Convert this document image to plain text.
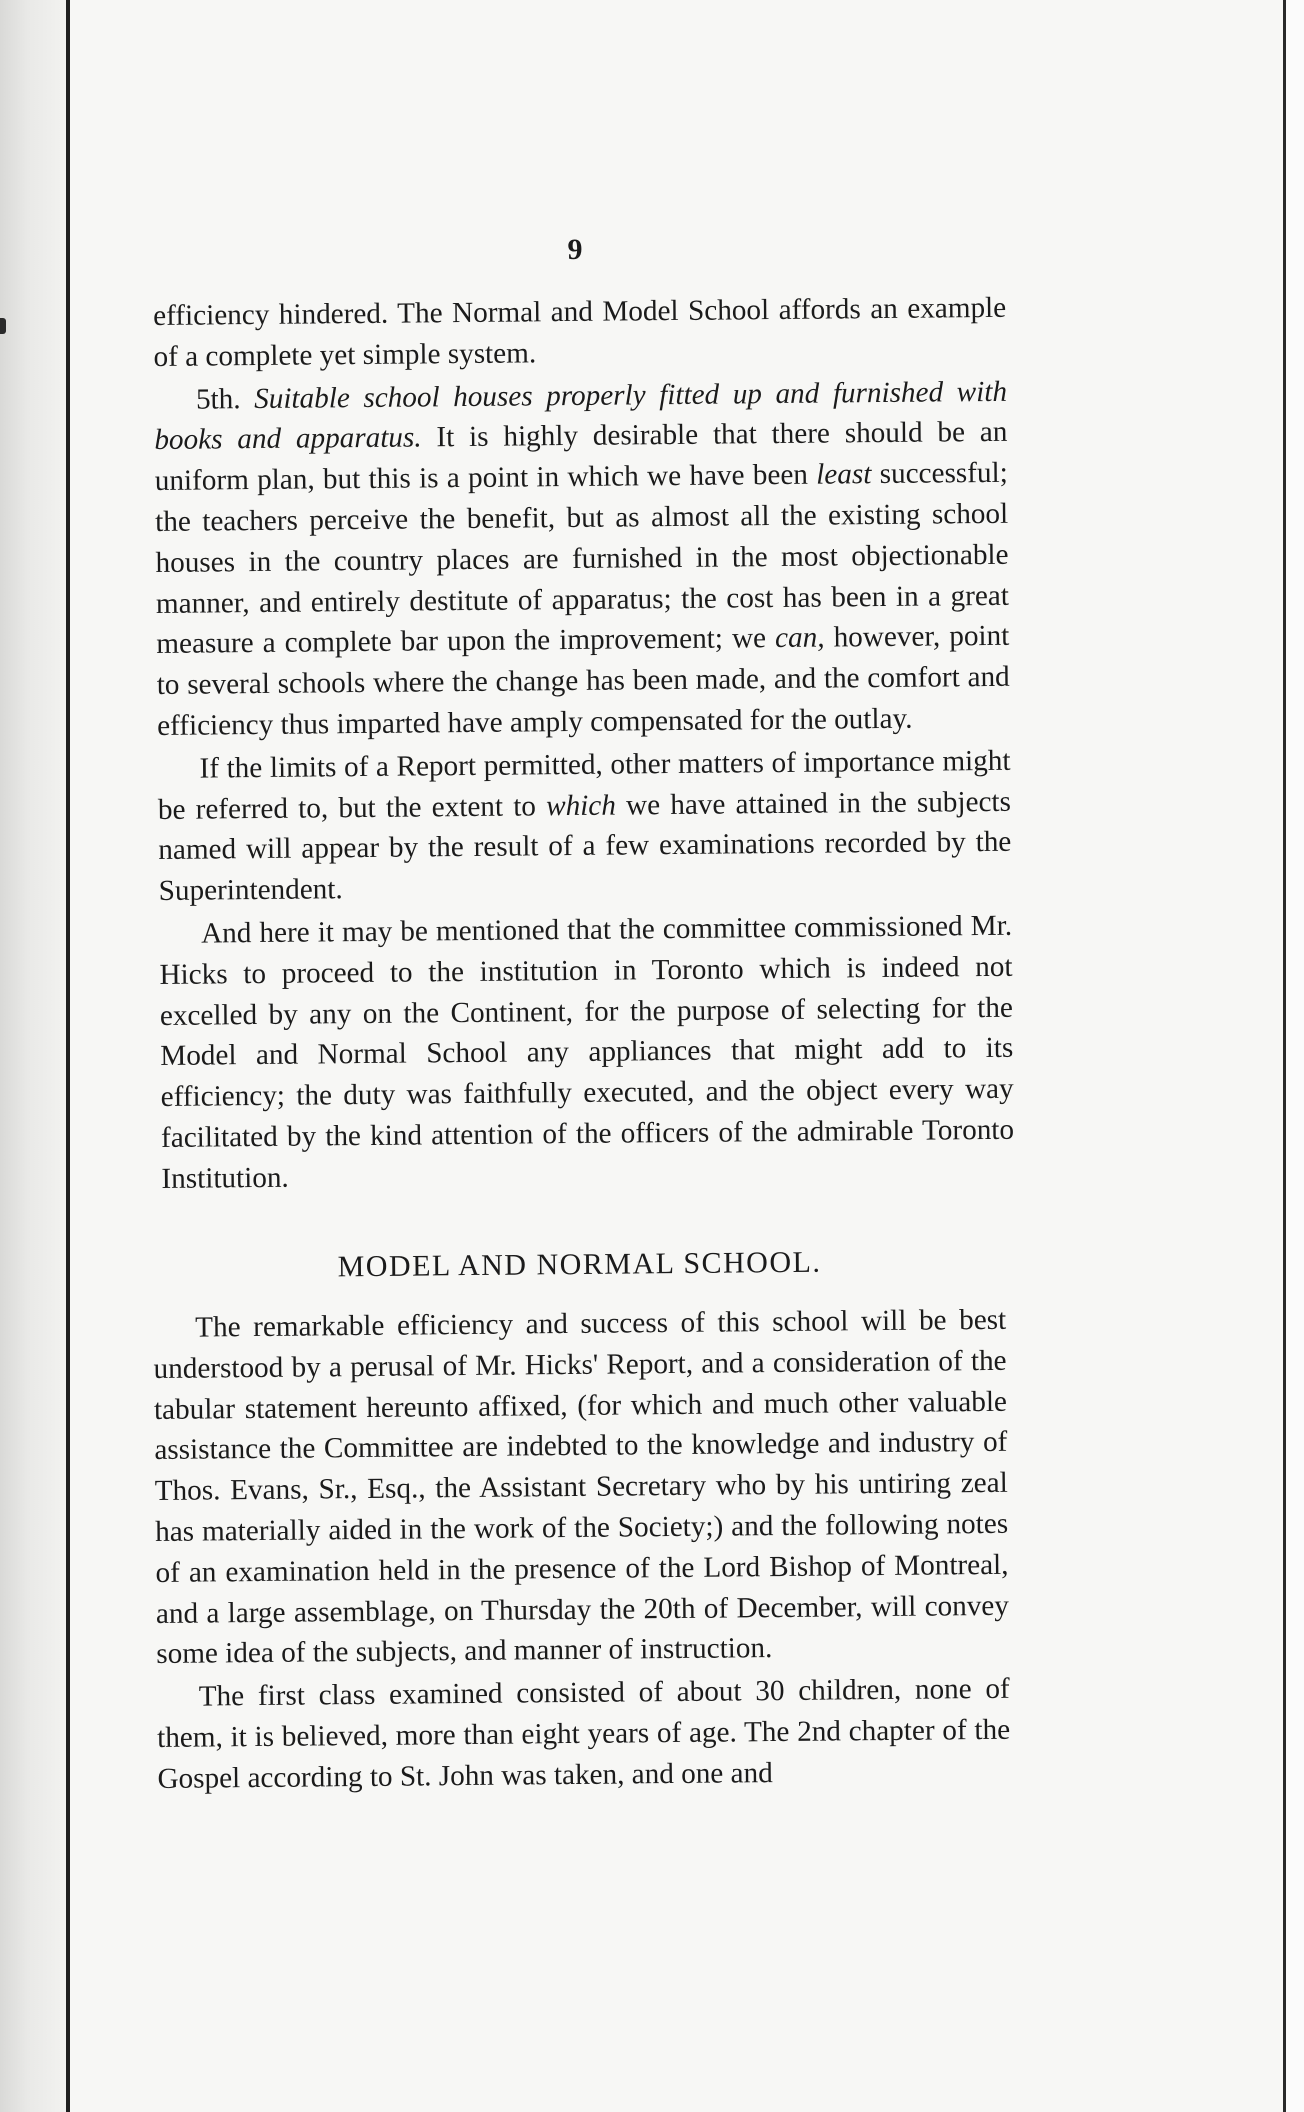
9

efficiency hindered. The Normal and Model School affords an example of a complete yet simple system.

5th. Suitable school houses properly fitted up and furnished with books and apparatus. It is highly desirable that there should be an uniform plan, but this is a point in which we have been least successful; the teachers perceive the benefit, but as almost all the existing school houses in the country places are furnished in the most objectionable manner, and entirely destitute of apparatus; the cost has been in a great measure a complete bar upon the improvement; we can, however, point to several schools where the change has been made, and the comfort and efficiency thus imparted have amply compensated for the outlay.

If the limits of a Report permitted, other matters of importance might be referred to, but the extent to which we have attained in the subjects named will appear by the result of a few examinations recorded by the Superintendent.

And here it may be mentioned that the committee commissioned Mr. Hicks to proceed to the institution in Toronto which is indeed not excelled by any on the Continent, for the purpose of selecting for the Model and Normal School any appliances that might add to its efficiency; the duty was faithfully executed, and the object every way facilitated by the kind attention of the officers of the admirable Toronto Institution.

MODEL AND NORMAL SCHOOL.

The remarkable efficiency and success of this school will be best understood by a perusal of Mr. Hicks' Report, and a consideration of the tabular statement hereunto affixed, (for which and much other valuable assistance the Committee are indebted to the knowledge and industry of Thos. Evans, Sr., Esq., the Assistant Secretary who by his untiring zeal has materially aided in the work of the Society;) and the following notes of an examination held in the presence of the Lord Bishop of Montreal, and a large assemblage, on Thursday the 20th of December, will convey some idea of the subjects, and manner of instruction.

The first class examined consisted of about 30 children, none of them, it is believed, more than eight years of age. The 2nd chapter of the Gospel according to St. John was taken, and one and
